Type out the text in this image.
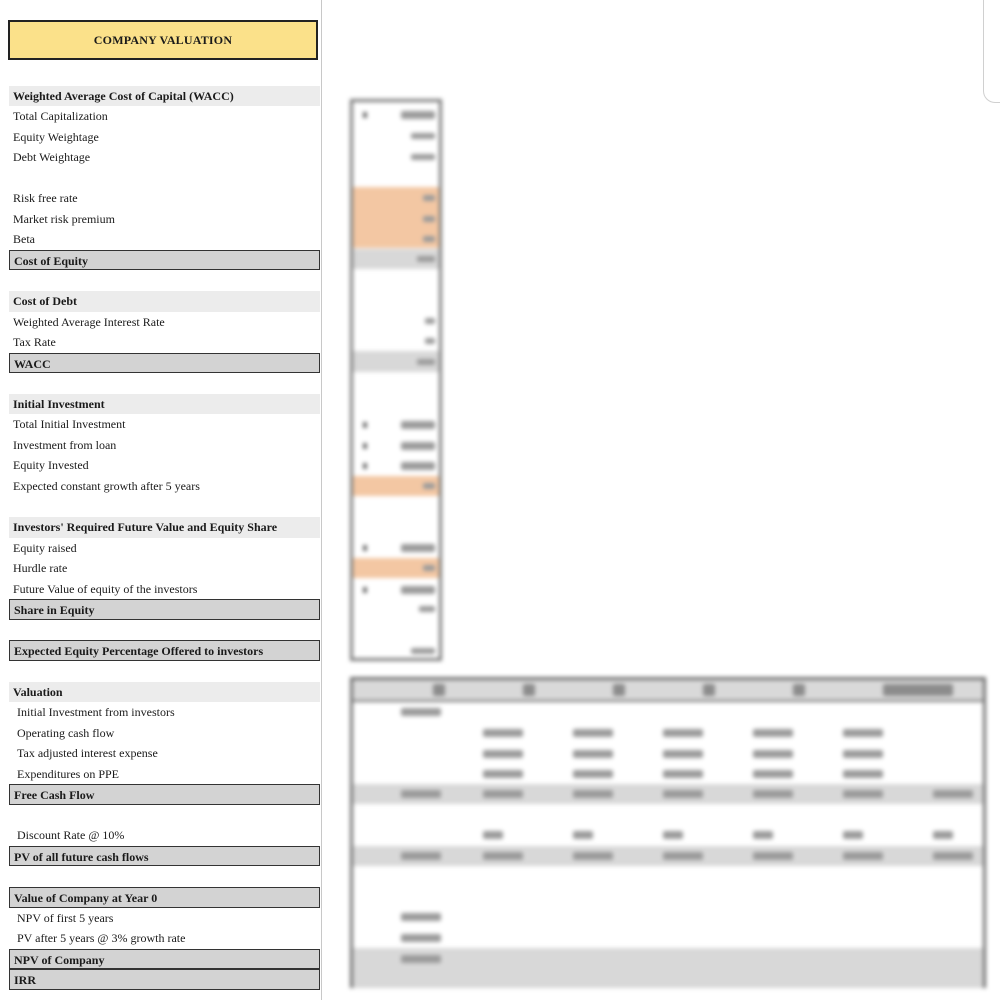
COMPANY VALUATION
Weighted Average Cost of Capital (WACC)
Total Capitalization
Equity Weightage
Debt Weightage
Risk free rate
Market risk premium
Beta
Cost of Equity
Cost of Debt
Weighted Average Interest Rate
Tax Rate
WACC
Initial Investment
Total Initial Investment
Investment from loan
Equity Invested
Expected constant growth after 5 years
Investors' Required Future Value and Equity Share
Equity raised
Hurdle rate
Future Value of equity of the investors
Share in Equity
Expected Equity Percentage Offered to investors
Valuation
Initial Investment from investors
Operating cash flow
Tax adjusted interest expense
Expenditures on PPE
Free Cash Flow
Discount Rate @ 10%
PV of all future cash flows
Value of Company at Year 0
NPV of first 5 years
PV after 5 years @ 3% growth rate
NPV of Company
IRR
